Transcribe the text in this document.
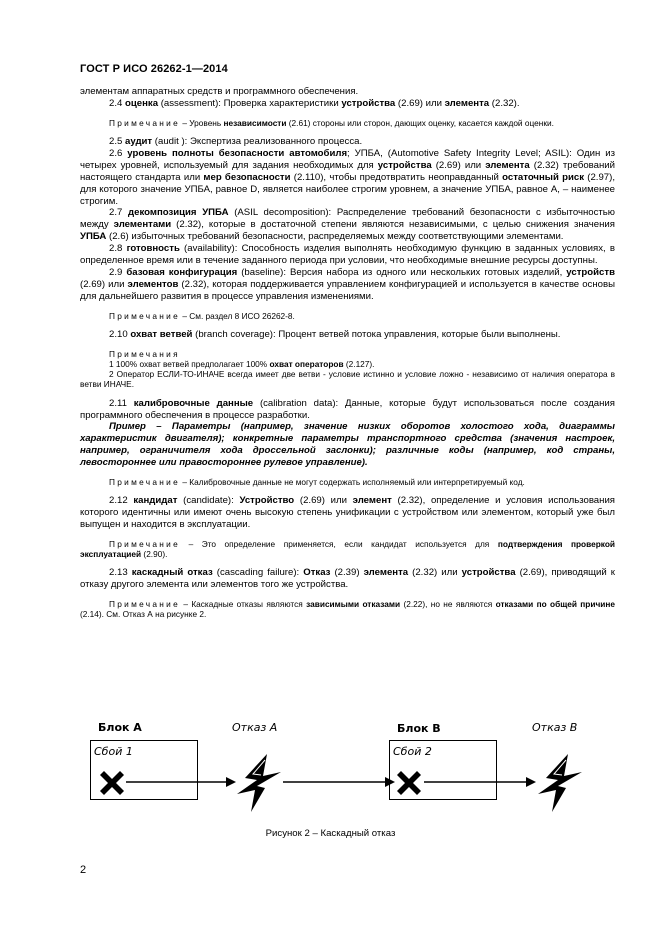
ГОСТ Р ИСО 26262-1—2014

элементам аппаратных средств и программного обеспечения.

2.4 оценка (assessment): Проверка характеристики устройства (2.69) или элемента (2.32).

Примечание – Уровень независимости (2.61) стороны или сторон, дающих оценку, касается каждой оценки.

2.5 аудит (audit ): Экспертиза реализованного процесса.

2.6 уровень полноты безопасности автомобиля; УПБА, (Automotive Safety Integrity Level; ASIL): Один из четырех уровней, используемый для задания необходимых для устройства (2.69) или элемента (2.32) требований настоящего стандарта или мер безопасности (2.110), чтобы предотвратить неоправданный остаточный риск (2.97), для которого значение УПБА, равное D, является наиболее строгим уровнем, а значение УПБА, равное А, – наименее строгим.

2.7 декомпозиция УПБА (ASIL decomposition): Распределение требований безопасности с избыточностью между элементами (2.32), которые в достаточной степени являются независимыми, с целью снижения значения УПБА (2.6) избыточных требований безопасности, распределяемых между соответствующими элементами.

2.8 готовность (availability): Способность изделия выполнять необходимую функцию в заданных условиях, в определенное время или в течение заданного периода при условии, что необходимые внешние ресурсы доступны.

2.9 базовая конфигурация (baseline): Версия набора из одного или нескольких готовых изделий, устройств (2.69) или элементов (2.32), которая поддерживается управлением конфигурацией и используется в качестве основы для дальнейшего развития в процессе управления изменениями.

Примечание – См. раздел 8 ИСО 26262-8.

2.10 охват ветвей (branch coverage): Процент ветвей потока управления, которые были выполнены.

Примечания

1 100% охват ветвей предполагает 100% охват операторов (2.127).

2 Оператор ЕСЛИ-ТО-ИНАЧЕ всегда имеет две ветви - условие истинно и условие ложно - независимо от наличия оператора в ветви ИНАЧЕ.

2.11 калибровочные данные (calibration data): Данные, которые будут использоваться после создания программного обеспечения в процессе разработки.

Пример – Параметры (например, значение низких оборотов холостого хода, диаграммы характеристик двигателя); конкретные параметры транспортного средства (значения настроек, например, ограничителя хода дроссельной заслонки); различные коды (например, код страны, левостороннее или правостороннее рулевое управление).

Примечание – Калибровочные данные не могут содержать исполняемый или интерпретируемый код.

2.12 кандидат (candidate): Устройство (2.69) или элемент (2.32), определение и условия использования которого идентичны или имеют очень высокую степень унификации с устройством или элементом, который уже был выпущен и находится в эксплуатации.

Примечание – Это определение применяется, если кандидат используется для подтверждения проверкой эксплуатацией (2.90).

2.13 каскадный отказ (cascading failure): Отказ (2.39) элемента (2.32) или устройства (2.69), приводящий к отказу другого элемента или элементов того же устройства.

Примечание – Каскадные отказы являются зависимыми отказами (2.22), но не являются отказами по общей причине (2.14). См. Отказ А на рисунке 2.

Блок А	Отказ А	Блок B	Отказ B
Сбой 1	Сбой 2
Рисунок 2 – Каскадный отказ
2
